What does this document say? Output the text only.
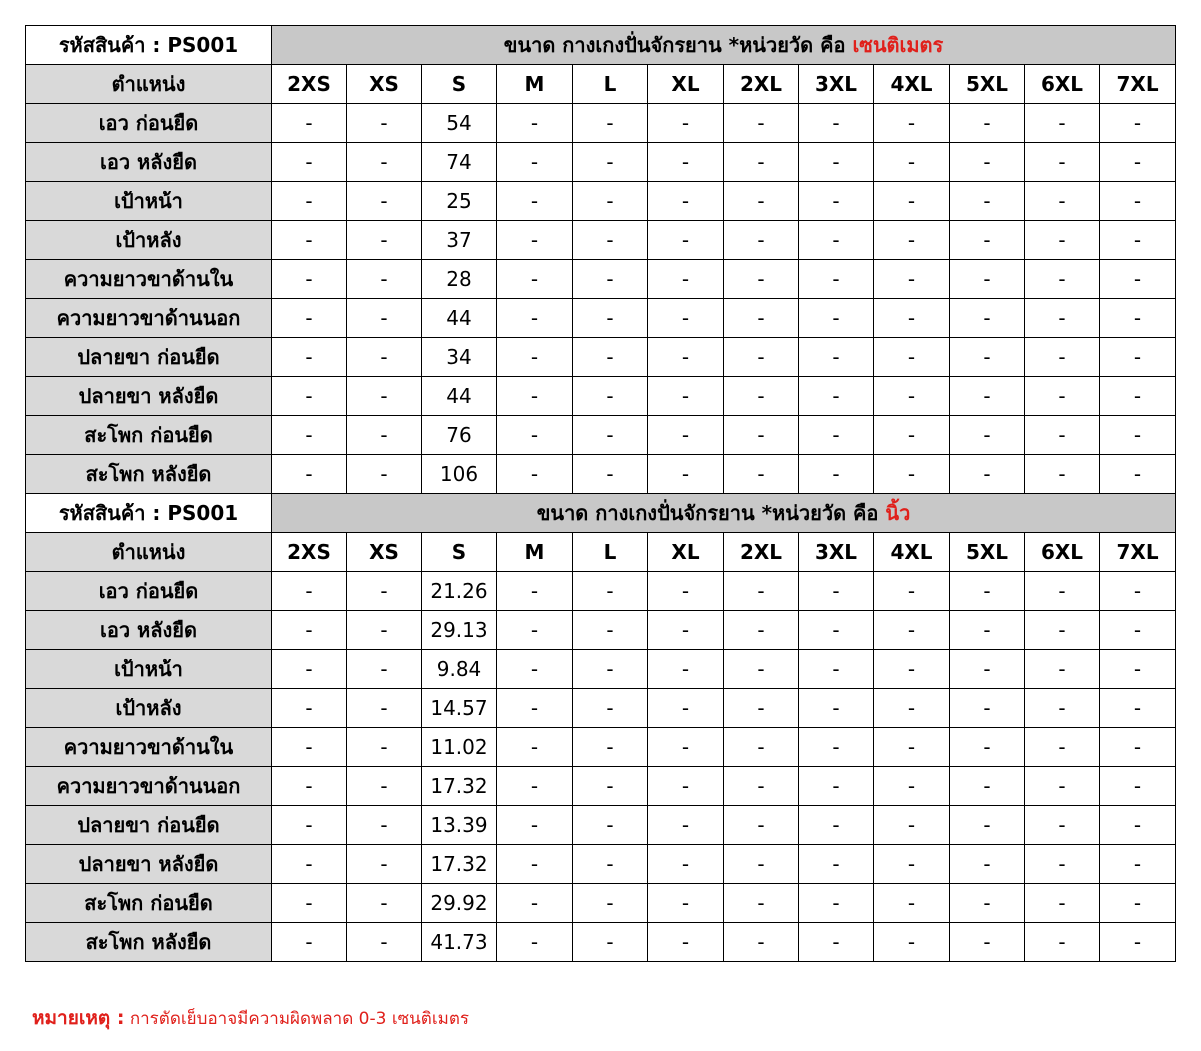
รหัสสินค้า : PS001	ขนาด กางเกงปั่นจักรยาน *หน่วยวัด คือ เซนติเมตร											
ตำแหน่ง	2XS	XS	S	M	L	XL	2XL	3XL	4XL	5XL	6XL	7XL
เอว ก่อนยืด	-	-	54	-	-	-	-	-	-	-	-	-
เอว หลังยืด	-	-	74	-	-	-	-	-	-	-	-	-
เป้าหน้า	-	-	25	-	-	-	-	-	-	-	-	-
เป้าหลัง	-	-	37	-	-	-	-	-	-	-	-	-
ความยาวขาด้านใน	-	-	28	-	-	-	-	-	-	-	-	-
ความยาวขาด้านนอก	-	-	44	-	-	-	-	-	-	-	-	-
ปลายขา ก่อนยืด	-	-	34	-	-	-	-	-	-	-	-	-
ปลายขา หลังยืด	-	-	44	-	-	-	-	-	-	-	-	-
สะโพก ก่อนยืด	-	-	76	-	-	-	-	-	-	-	-	-
สะโพก หลังยืด	-	-	106	-	-	-	-	-	-	-	-	-
รหัสสินค้า : PS001	ขนาด กางเกงปั่นจักรยาน *หน่วยวัด คือ นิ้ว											
ตำแหน่ง	2XS	XS	S	M	L	XL	2XL	3XL	4XL	5XL	6XL	7XL
เอว ก่อนยืด	-	-	21.26	-	-	-	-	-	-	-	-	-
เอว หลังยืด	-	-	29.13	-	-	-	-	-	-	-	-	-
เป้าหน้า	-	-	9.84	-	-	-	-	-	-	-	-	-
เป้าหลัง	-	-	14.57	-	-	-	-	-	-	-	-	-
ความยาวขาด้านใน	-	-	11.02	-	-	-	-	-	-	-	-	-
ความยาวขาด้านนอก	-	-	17.32	-	-	-	-	-	-	-	-	-
ปลายขา ก่อนยืด	-	-	13.39	-	-	-	-	-	-	-	-	-
ปลายขา หลังยืด	-	-	17.32	-	-	-	-	-	-	-	-	-
สะโพก ก่อนยืด	-	-	29.92	-	-	-	-	-	-	-	-	-
สะโพก หลังยืด	-	-	41.73	-	-	-	-	-	-	-	-	-
หมายเหตุ : การตัดเย็บอาจมีความผิดพลาด 0-3 เซนติเมตร
